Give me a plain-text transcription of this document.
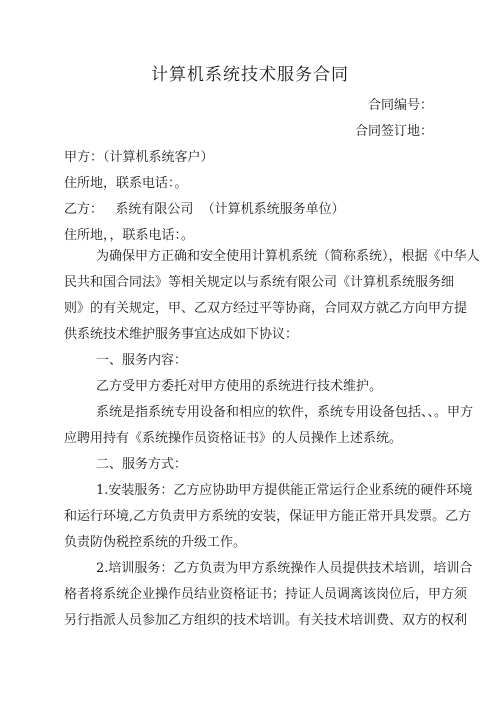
计算机系统技术服务合同
合同编号：
合同签订地：
甲方：（计算机系统客户）
住所地，联系电话：。
乙方：   系统有限公司  （计算机系统服务单位）
住所地，，联系电话：。
为确保甲方正确和安全使用计算机系统（简称系统），根据《中华人
民共和国合同法》等相关规定以与系统有限公司《计算机系统服务细
则》的有关规定，甲、乙双方经过平等协商，合同双方就乙方向甲方提
供系统技术维护服务事宜达成如下协议：
一、服务内容：
乙方受甲方委托对甲方使用的系统进行技术维护。
系统是指系统专用设备和相应的软件，系统专用设备包括、、。甲方
应聘用持有《系统操作员资格证书》的人员操作上述系统。
二、服务方式：
1.安装服务：乙方应协助甲方提供能正常运行企业系统的硬件环境
和运行环境,乙方负责甲方系统的安装，保证甲方能正常开具发票。乙方
负责防伪税控系统的升级工作。
2.培训服务：乙方负责为甲方系统操作人员提供技术培训，培训合
格者将系统企业操作员结业资格证书；持证人员调离该岗位后，甲方须
另行指派人员参加乙方组织的技术培训。有关技术培训费、双方的权利
